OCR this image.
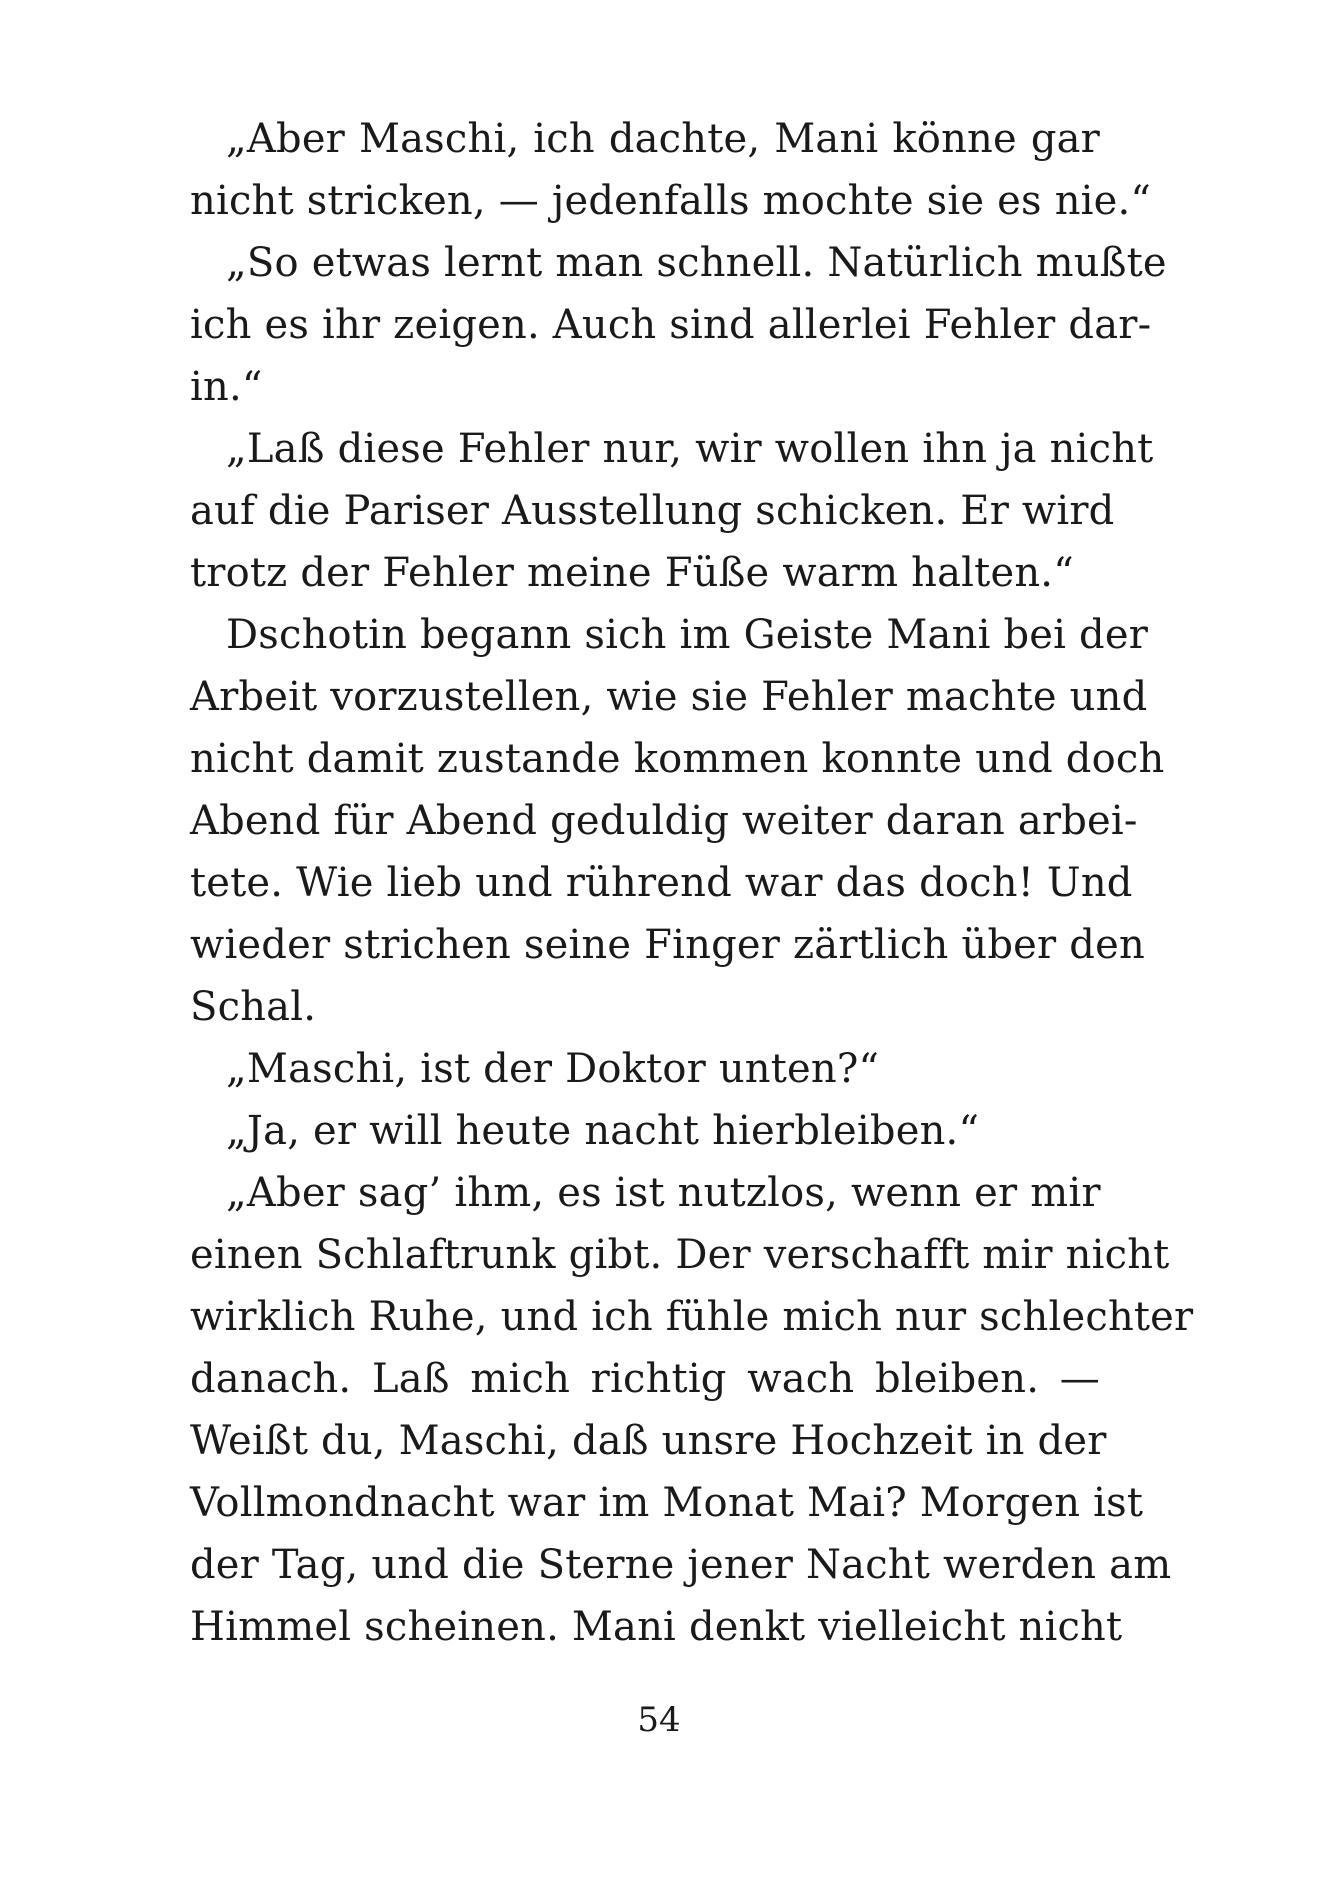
„Aber Maschi, ich dachte, Mani könne gar
nicht stricken, — jedenfalls mochte sie es nie.“
„So etwas lernt man schnell. Natürlich mußte
ich es ihr zeigen. Auch sind allerlei Fehler dar-
in.“
„Laß diese Fehler nur, wir wollen ihn ja nicht
auf die Pariser Ausstellung schicken. Er wird
trotz der Fehler meine Füße warm halten.“
Dschotin begann sich im Geiste Mani bei der
Arbeit vorzustellen, wie sie Fehler machte und
nicht damit zustande kommen konnte und doch
Abend für Abend geduldig weiter daran arbei-
tete. Wie lieb und rührend war das doch! Und
wieder strichen seine Finger zärtlich über den
Schal.
„Maschi, ist der Doktor unten?“
„Ja, er will heute nacht hierbleiben.“
„Aber sag’ ihm, es ist nutzlos, wenn er mir
einen Schlaftrunk gibt. Der verschafft mir nicht
wirklich Ruhe, und ich fühle mich nur schlechter
danach. Laß mich richtig wach bleiben. —
Weißt du, Maschi, daß unsre Hochzeit in der
Vollmondnacht war im Monat Mai? Morgen ist
der Tag, und die Sterne jener Nacht werden am
Himmel scheinen. Mani denkt vielleicht nicht
54
